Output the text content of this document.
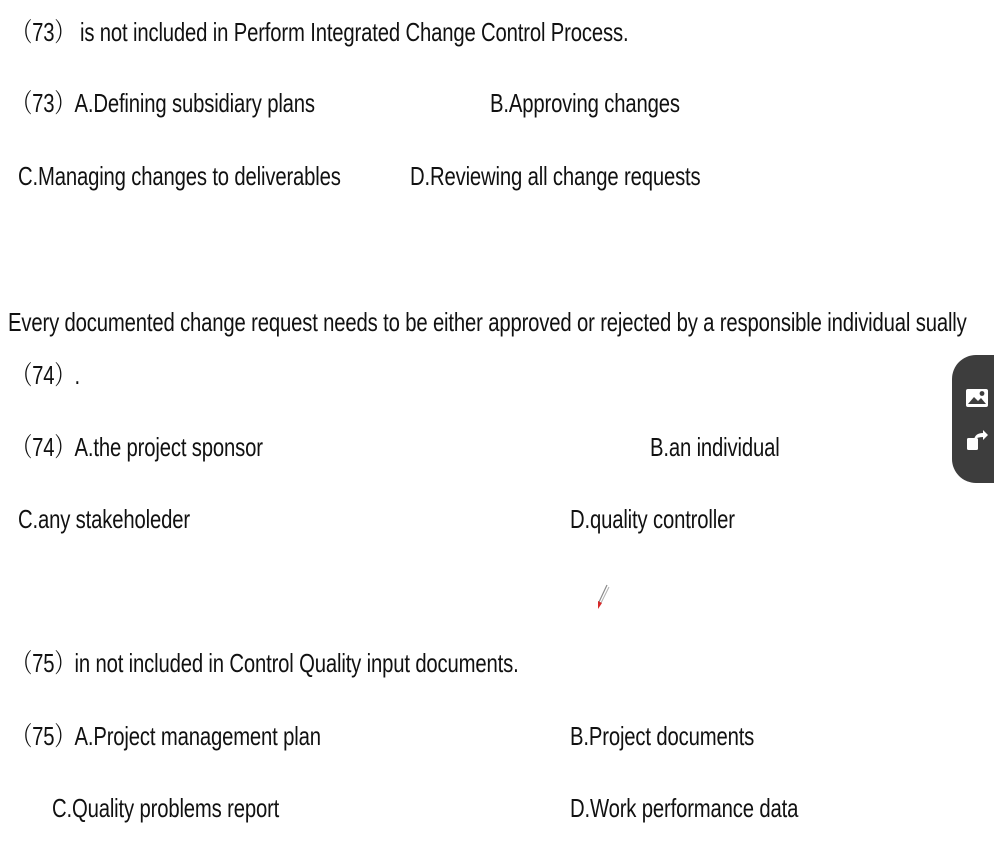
（73） is not included in Perform Integrated Change Control Process.
（73）A.Defining subsidiary plans	B.Approving changes
C.Managing changes to deliverables	D.Reviewing all change requests
Every documented change request needs to be either approved or rejected by a responsible individual sually
（74）.
（74）A.the project sponsor	B.an individual
C.any stakeholeder	D.quality controller
（75）in not included in Control Quality input documents.
（75）A.Project management plan	B.Project documents
C.Quality problems report	D.Work performance data
